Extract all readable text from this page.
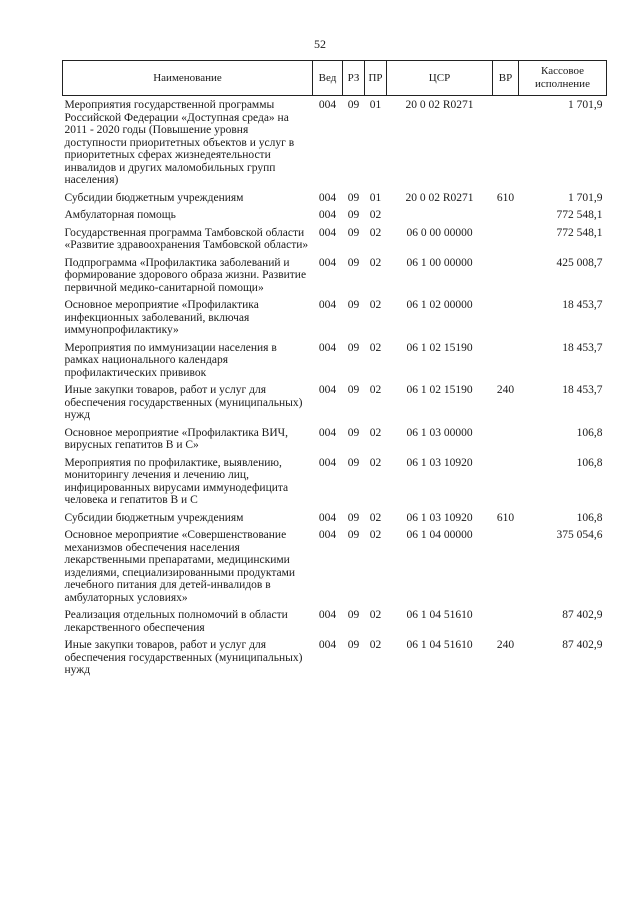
52
Наименование	Вед	РЗ	ПР	ЦСР	ВР	Кассовое исполнение
Мероприятия государственной программы Российской Федерации «Доступная среда» на 2011 - 2020 годы (Повышение уровня доступности приоритетных объектов и услуг в приоритетных сферах жизнедеятельности инвалидов и других маломобильных групп населения)	004	09	01	20 0 02 R0271		1 701,9
Субсидии бюджетным учреждениям	004	09	01	20 0 02 R0271	610	1 701,9
Амбулаторная помощь	004	09	02			772 548,1
Государственная программа Тамбовской области «Развитие здравоохранения Тамбовской области»	004	09	02	06 0 00 00000		772 548,1
Подпрограмма «Профилактика заболеваний и формирование здорового образа жизни. Развитие первичной медико-санитарной помощи»	004	09	02	06 1 00 00000		425 008,7
Основное мероприятие «Профилактика инфекционных заболеваний, включая иммунопрофилактику»	004	09	02	06 1 02 00000		18 453,7
Мероприятия по иммунизации населения в рамках национального календаря профилактических прививок	004	09	02	06 1 02 15190		18 453,7
Иные закупки товаров, работ и услуг для обеспечения государственных (муниципальных) нужд	004	09	02	06 1 02 15190	240	18 453,7
Основное мероприятие «Профилактика ВИЧ, вирусных гепатитов В и С»	004	09	02	06 1 03 00000		106,8
Мероприятия по профилактике, выявлению, мониторингу лечения и лечению лиц, инфицированных вирусами иммунодефицита человека и гепатитов В и С	004	09	02	06 1 03 10920		106,8
Субсидии бюджетным учреждениям	004	09	02	06 1 03 10920	610	106,8
Основное мероприятие «Совершенствование механизмов обеспечения населения лекарственными препаратами, медицинскими изделиями, специализированными продуктами лечебного питания для детей-инвалидов в амбулаторных условиях»	004	09	02	06 1 04 00000		375 054,6
Реализация отдельных полномочий в области лекарственного обеспечения	004	09	02	06 1 04 51610		87 402,9
Иные закупки товаров, работ и услуг для обеспечения государственных (муниципальных) нужд	004	09	02	06 1 04 51610	240	87 402,9
